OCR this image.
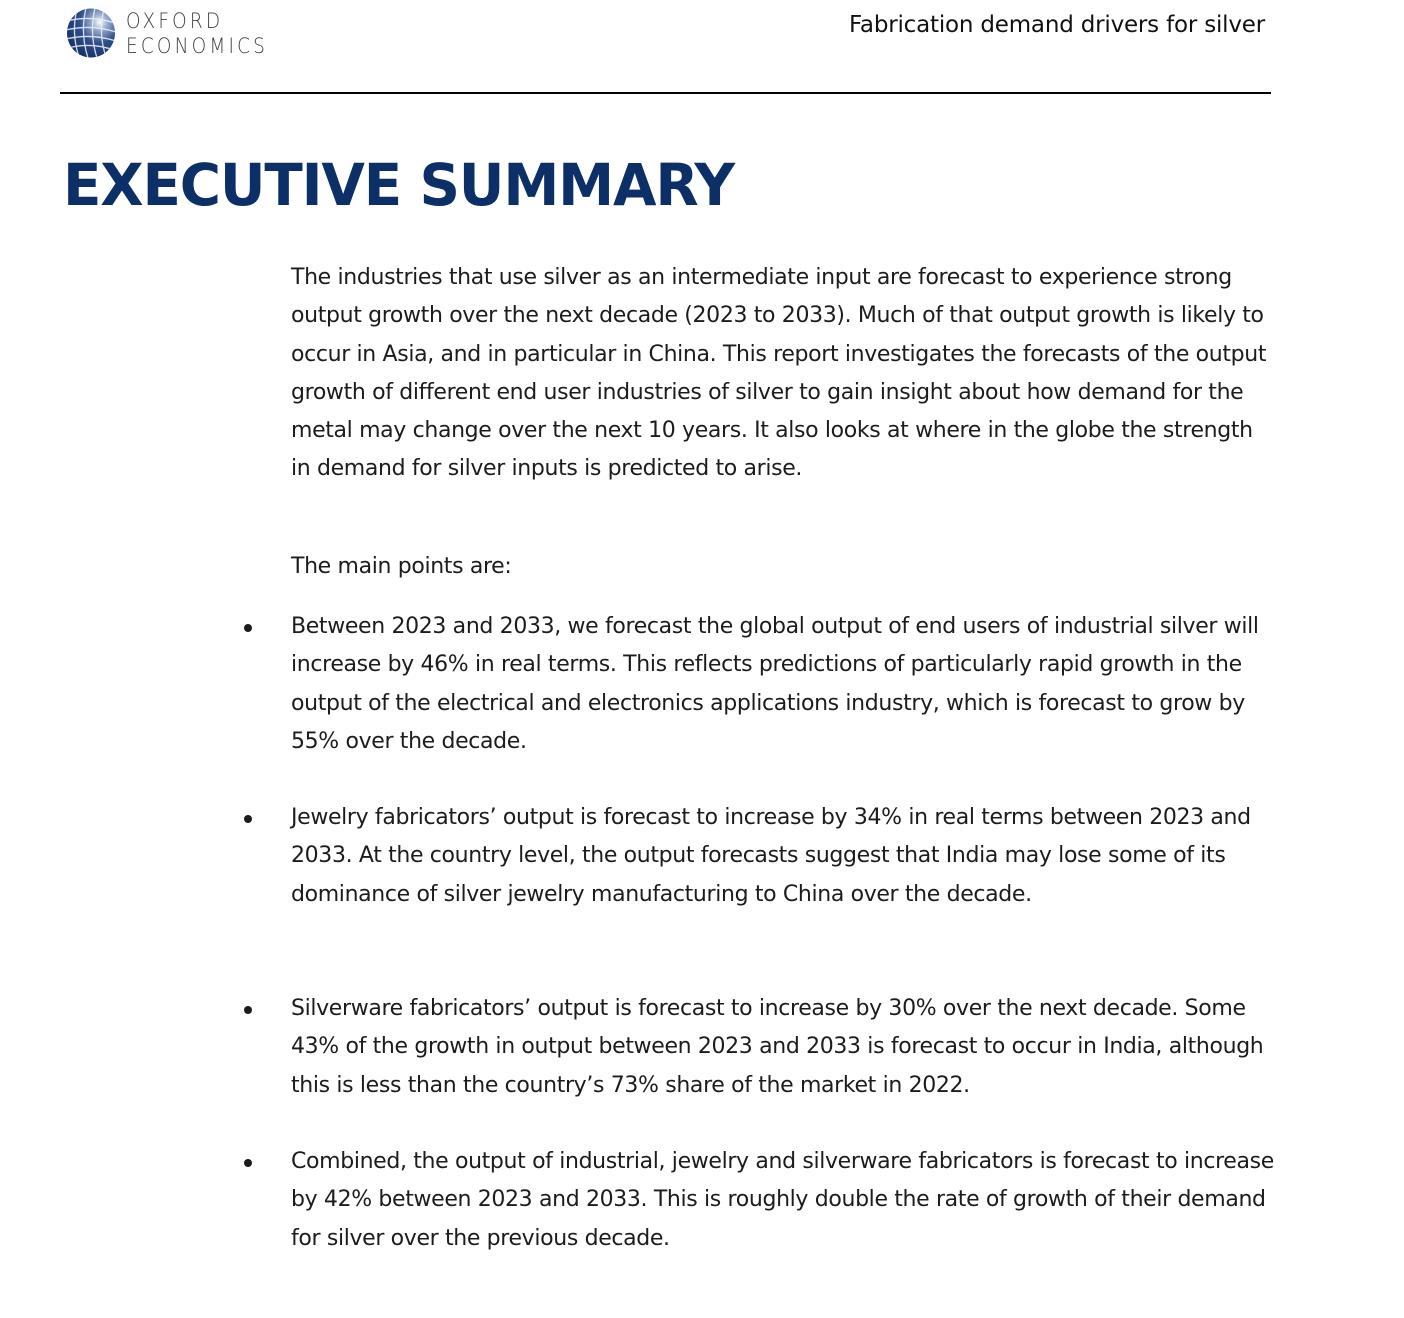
OXFORD
ECONOMICS
Fabrication demand drivers for silver
EXECUTIVE SUMMARY

The industries that use silver as an intermediate input are forecast to experience strong output growth over the next decade (2023 to 2033). Much of that output growth is likely to occur in Asia, and in particular in China. This report investigates the forecasts of the output growth of different end user industries of silver to gain insight about how demand for the metal may change over the next 10 years. It also looks at where in the globe the strength in demand for silver inputs is predicted to arise.

The main points are:

Between 2023 and 2033, we forecast the global output of end users of industrial silver will increase by 46% in real terms. This reflects predictions of particularly rapid growth in the output of the electrical and electronics applications industry, which is forecast to grow by 55% over the decade.
Jewelry fabricators’ output is forecast to increase by 34% in real terms between 2023 and 2033. At the country level, the output forecasts suggest that India may lose some of its dominance of silver jewelry manufacturing to China over the decade.
Silverware fabricators’ output is forecast to increase by 30% over the next decade. Some 43% of the growth in output between 2023 and 2033 is forecast to occur in India, although this is less than the country’s 73% share of the market in 2022.
Combined, the output of industrial, jewelry and silverware fabricators is forecast to increase by 42% between 2023 and 2033. This is roughly double the rate of growth of their demand for silver over the previous decade.
